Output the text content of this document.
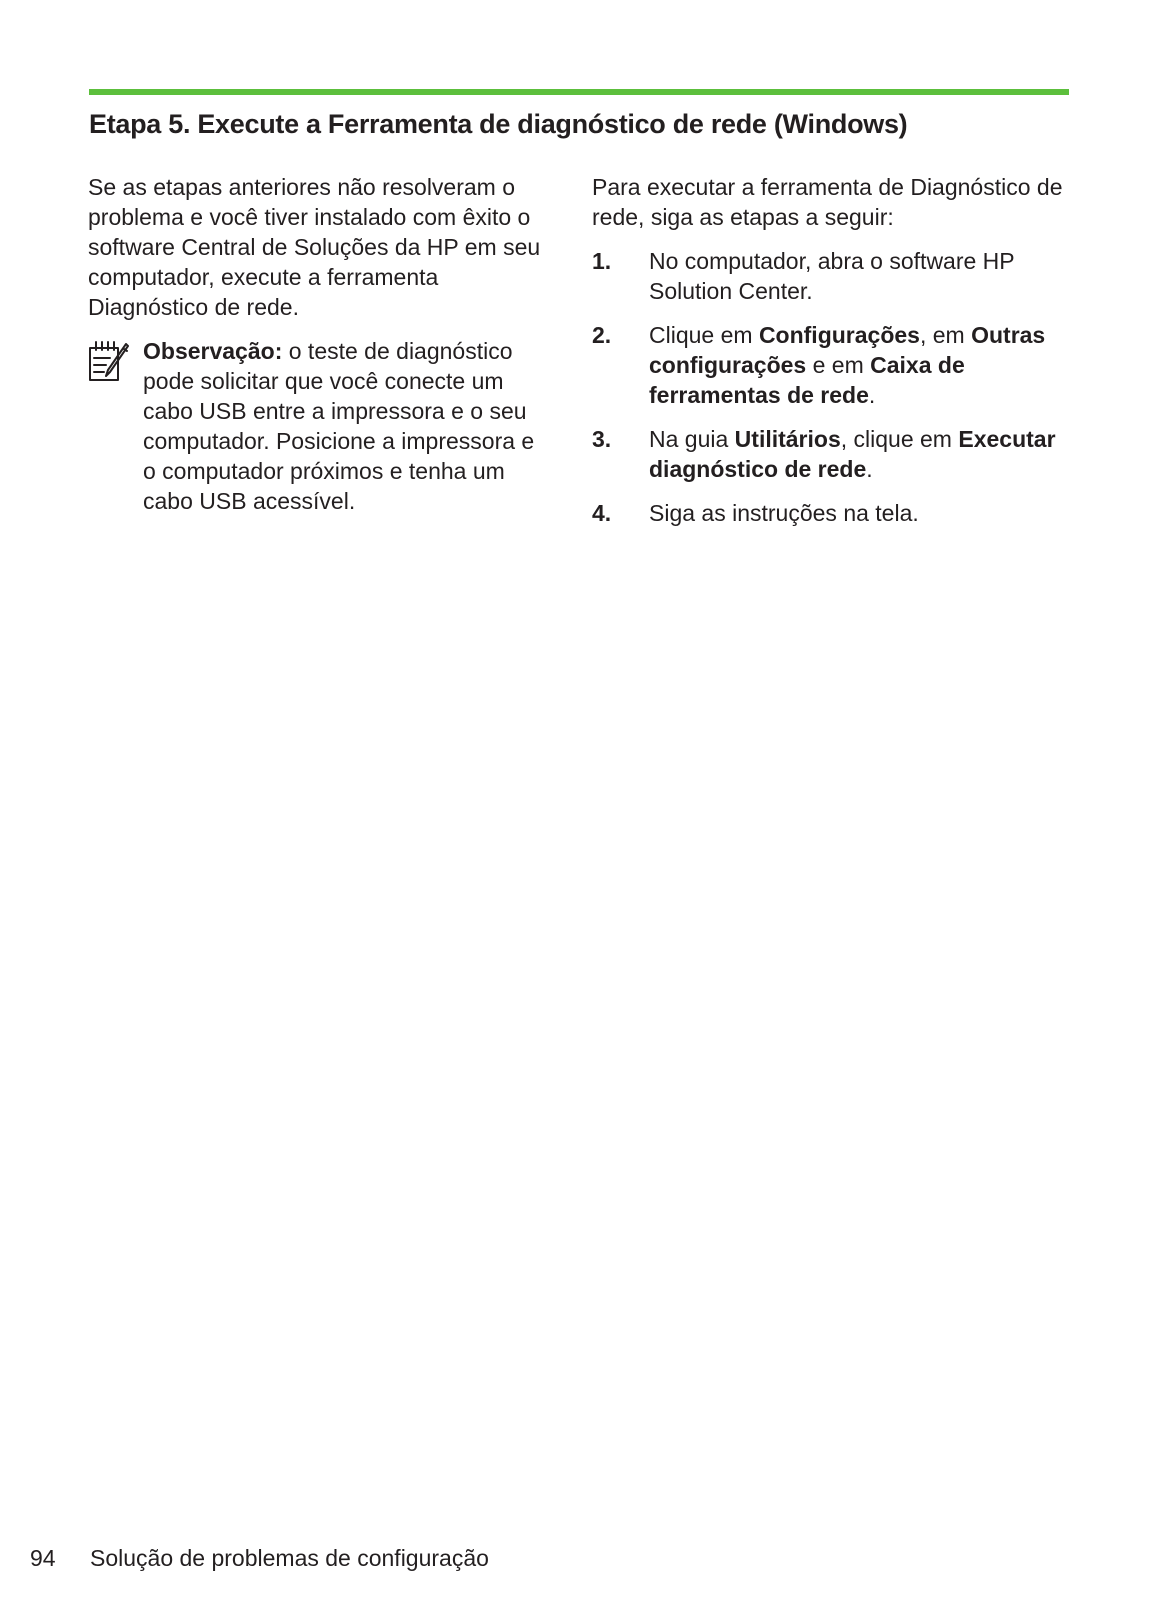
Etapa 5. Execute a Ferramenta de diagnóstico de rede (Windows)

Se as etapas anteriores não resolveram o problema e você tiver instalado com êxito o software Central de Soluções da HP em seu computador, execute a ferramenta Diagnóstico de rede.

Observação: o teste de diagnóstico pode solicitar que você conecte um cabo USB entre a impressora e o seu computador. Posicione a impressora e o computador próximos e tenha um cabo USB acessível.

Para executar a ferramenta de Diagnóstico de rede, siga as etapas a seguir:

1. No computador, abra o software HP Solution Center.
2. Clique em Configurações, em Outras configurações e em Caixa de ferramentas de rede.
3. Na guia Utilitários, clique em Executar diagnóstico de rede.
4. Siga as instruções na tela.
94 Solução de problemas de configuração
